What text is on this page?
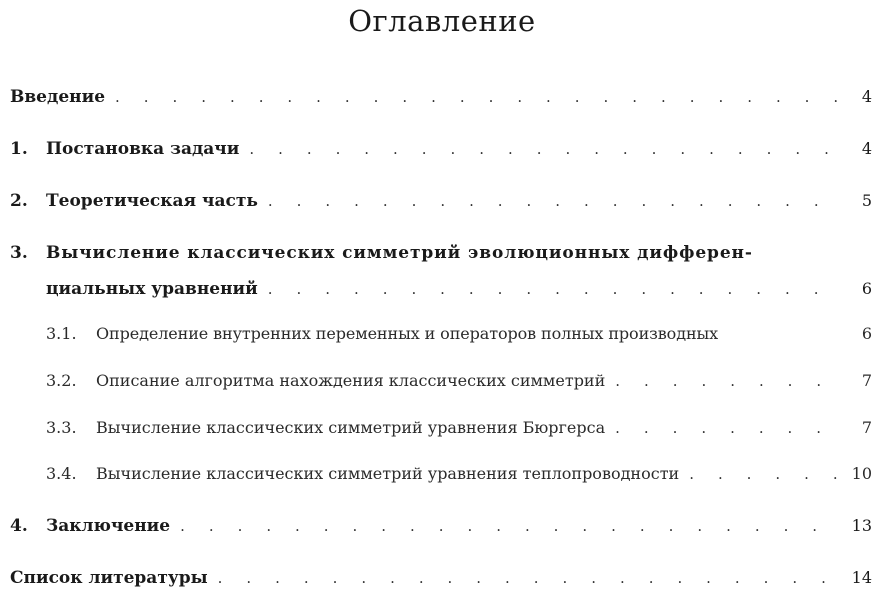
Оглавление
Введение . . .	4
1.	Постановка задачи . . .	4
2.	Теоретическая часть . . .	5
3.	Вычисление классических симметрий эволюционных дифферен-
циальных уравнений . . .	6
3.1.	Определение внутренних переменных и операторов полных производных	6
3.2.	Описание алгоритма нахождения классических симметрий . . .	7
3.3.	Вычисление классических симметрий уравнения Бюргерса . . .	7
3.4.	Вычисление классических симметрий уравнения теплопроводности . . .	10
4.	Заключение . . .	13
Список литературы . . .	14
